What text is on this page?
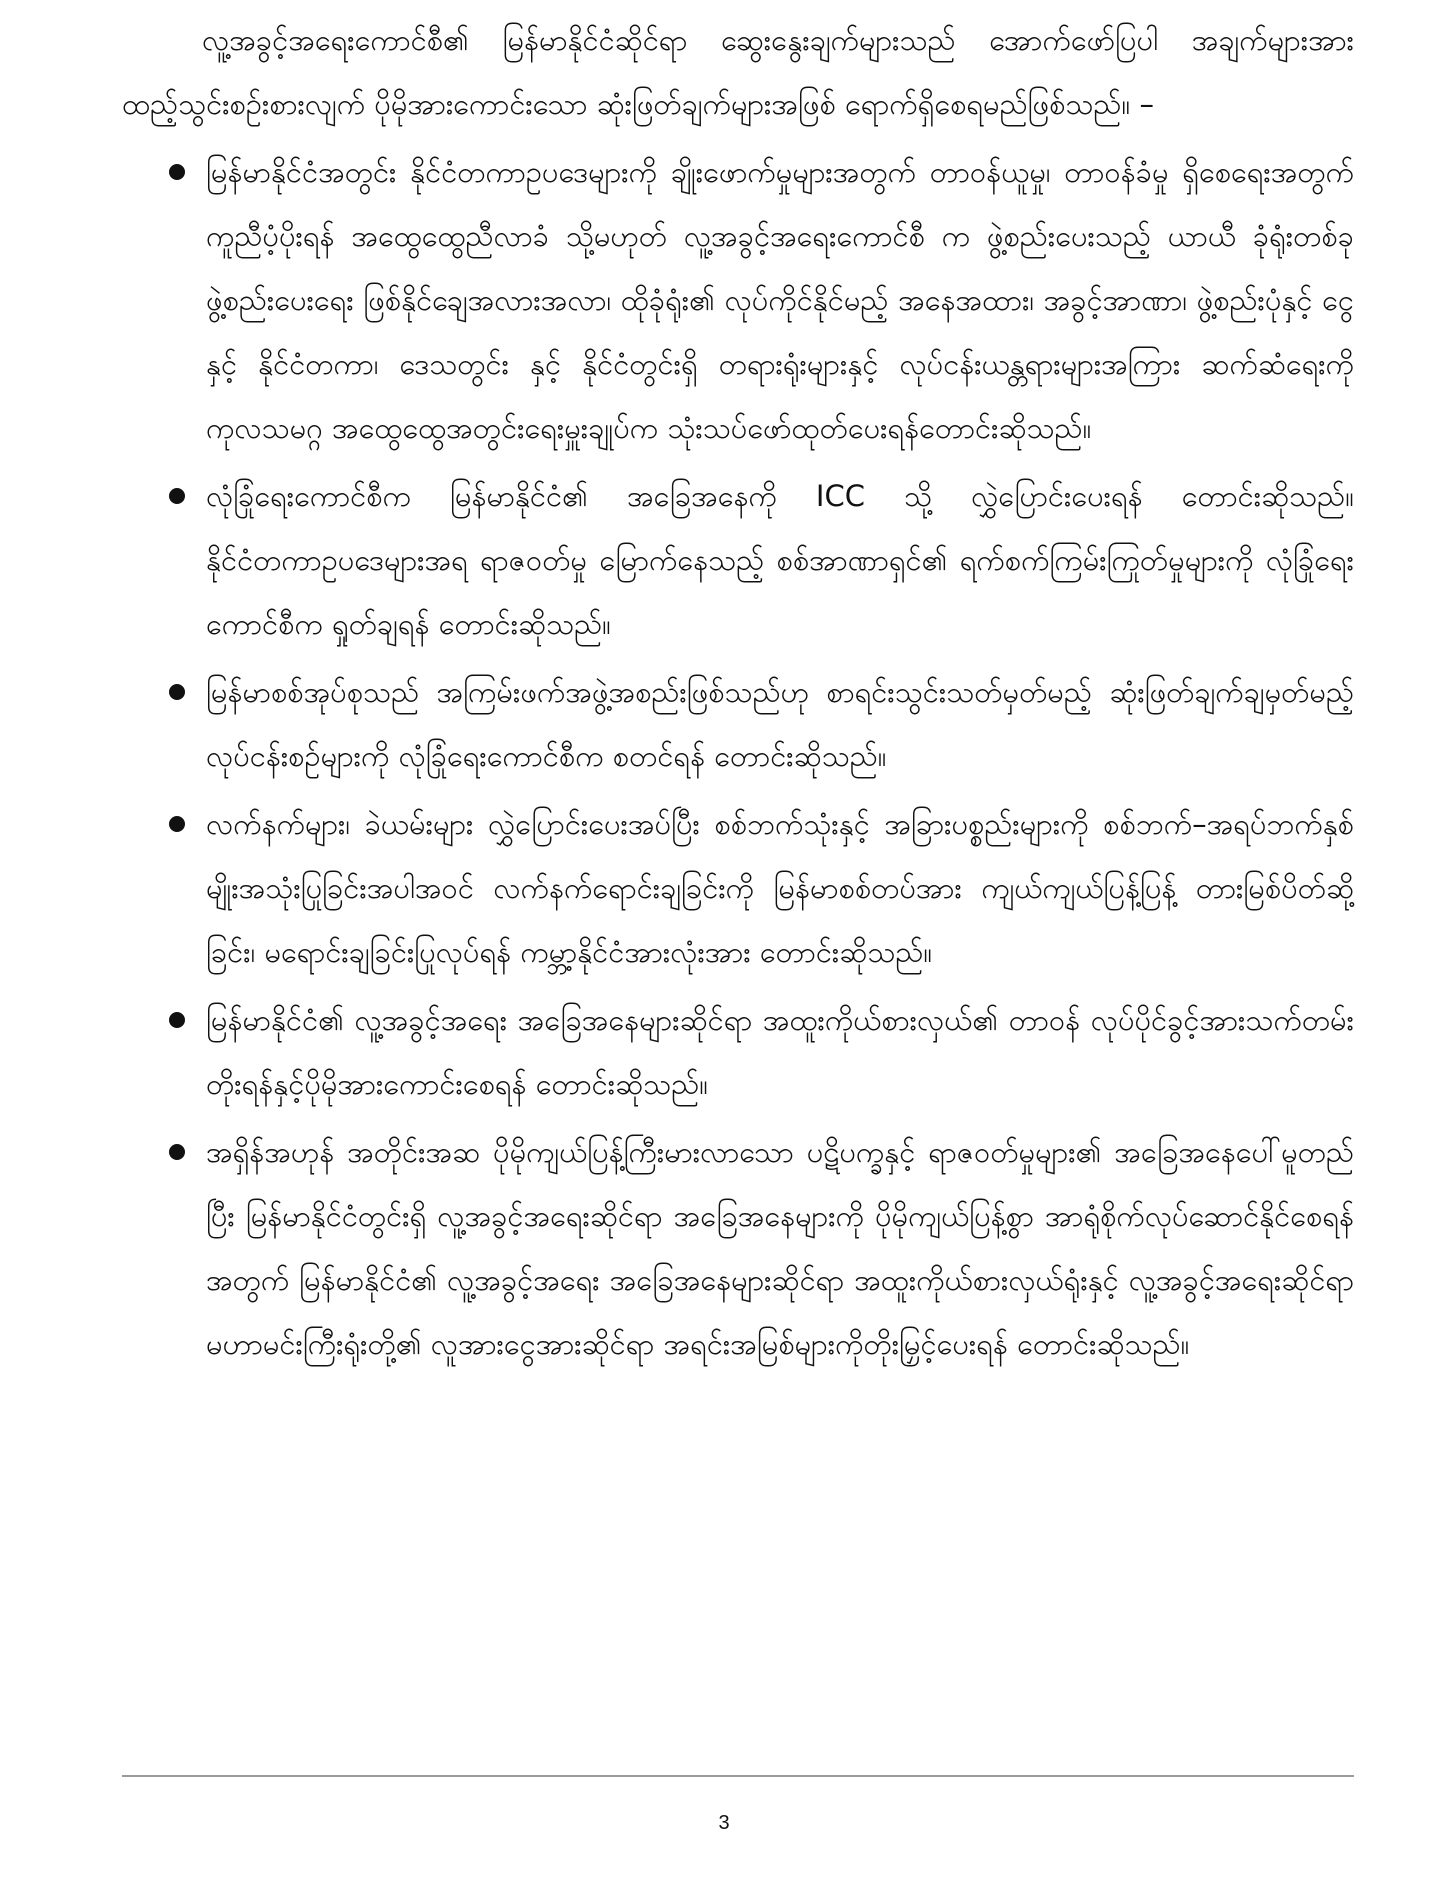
လူ့အခွင့်အရေးကောင်စီ၏ မြန်မာနိုင်ငံဆိုင်ရာ ဆွေးနွေးချက်များသည် အောက်ဖော်ပြပါ အချက်များအား ထည့်သွင်းစဉ်းစားလျက် ပိုမိုအားကောင်းသော ဆုံးဖြတ်ချက်များအဖြစ် ရောက်ရှိစေရမည်ဖြစ်သည်။ –

မြန်မာနိုင်ငံအတွင်း နိုင်ငံတကာဥပဒေများကို ချိုးဖောက်မှုများအတွက် တာဝန်ယူမှု၊ တာဝန်ခံမှု ရှိစေရေးအတွက် ကူညီပံ့ပိုးရန် အထွေထွေညီလာခံ သို့မဟုတ် လူ့အခွင့်အရေးကောင်စီ က ဖွဲ့စည်းပေးသည့် ယာယီ ခုံရုံးတစ်ခု ဖွဲ့စည်းပေးရေး ဖြစ်နိုင်ချေအလားအလာ၊ ထိုခုံရုံး၏ လုပ်ကိုင်နိုင်မည့် အနေအထား၊ အခွင့်အာဏာ၊ ဖွဲ့စည်းပုံနှင့် ငွေနှင့် နိုင်ငံတကာ၊ ဒေသတွင်း နှင့် နိုင်ငံတွင်းရှိ တရားရုံးများနှင့် လုပ်ငန်းယန္တရားများအကြား ဆက်ဆံရေးကို ကုလသမဂ္ဂ အထွေထွေအတွင်းရေးမှူးချုပ်က သုံးသပ်ဖော်ထုတ်ပေးရန်တောင်းဆိုသည်။
လုံခြုံရေးကောင်စီက မြန်မာနိုင်ငံ၏ အခြေအနေကို ICC သို့ လွှဲပြောင်းပေးရန် တောင်းဆိုသည်။ နိုင်ငံတကာဥပဒေများအရ ရာဇဝတ်မှု မြောက်နေသည့် စစ်အာဏာရှင်၏ ရက်စက်ကြမ်းကြုတ်မှုများကို လုံခြုံရေးကောင်စီက ရှုတ်ချရန် တောင်းဆိုသည်။
မြန်မာစစ်အုပ်စုသည် အကြမ်းဖက်အဖွဲ့အစည်းဖြစ်သည်ဟု စာရင်းသွင်းသတ်မှတ်မည့် ဆုံးဖြတ်ချက်ချမှတ်မည့် လုပ်ငန်းစဉ်များကို လုံခြုံရေးကောင်စီက စတင်ရန် တောင်းဆိုသည်။
လက်နက်များ၊ ခဲယမ်းများ လွှဲပြောင်းပေးအပ်ပြီး စစ်ဘက်သုံးနှင့် အခြားပစ္စည်းများကို စစ်ဘက်–အရပ်ဘက်နှစ်မျိုးအသုံးပြုခြင်းအပါအဝင် လက်နက်ရောင်းချခြင်းကို မြန်မာစစ်တပ်အား ကျယ်ကျယ်ပြန့်ပြန့် တားမြစ်ပိတ်ဆို့ခြင်း၊ မရောင်းချခြင်းပြုလုပ်ရန် ကမ္ဘာ့နိုင်ငံအားလုံးအား တောင်းဆိုသည်။
မြန်မာနိုင်ငံ၏ လူ့အခွင့်အရေး အခြေအနေများဆိုင်ရာ အထူးကိုယ်စားလှယ်၏ တာဝန် လုပ်ပိုင်ခွင့်အားသက်တမ်းတိုးရန်နှင့်ပိုမိုအားကောင်းစေရန် တောင်းဆိုသည်။
အရှိန်အဟုန် အတိုင်းအဆ ပိုမိုကျယ်ပြန့်ကြီးမားလာသော ပဋိပက္ခနှင့် ရာဇဝတ်မှုများ၏ အခြေအနေပေါ်မူတည်ပြီး မြန်မာနိုင်ငံတွင်းရှိ လူ့အခွင့်အရေးဆိုင်ရာ အခြေအနေများကို ပိုမိုကျယ်ပြန့်စွာ အာရုံစိုက်လုပ်ဆောင်နိုင်စေရန်အတွက် မြန်မာနိုင်ငံ၏ လူ့အခွင့်အရေး အခြေအနေများဆိုင်ရာ အထူးကိုယ်စားလှယ်ရုံးနှင့် လူ့အခွင့်အရေးဆိုင်ရာ မဟာမင်းကြီးရုံးတို့၏ လူအားငွေအားဆိုင်ရာ အရင်းအမြစ်များကိုတိုးမြှင့်ပေးရန် တောင်းဆိုသည်။
3
